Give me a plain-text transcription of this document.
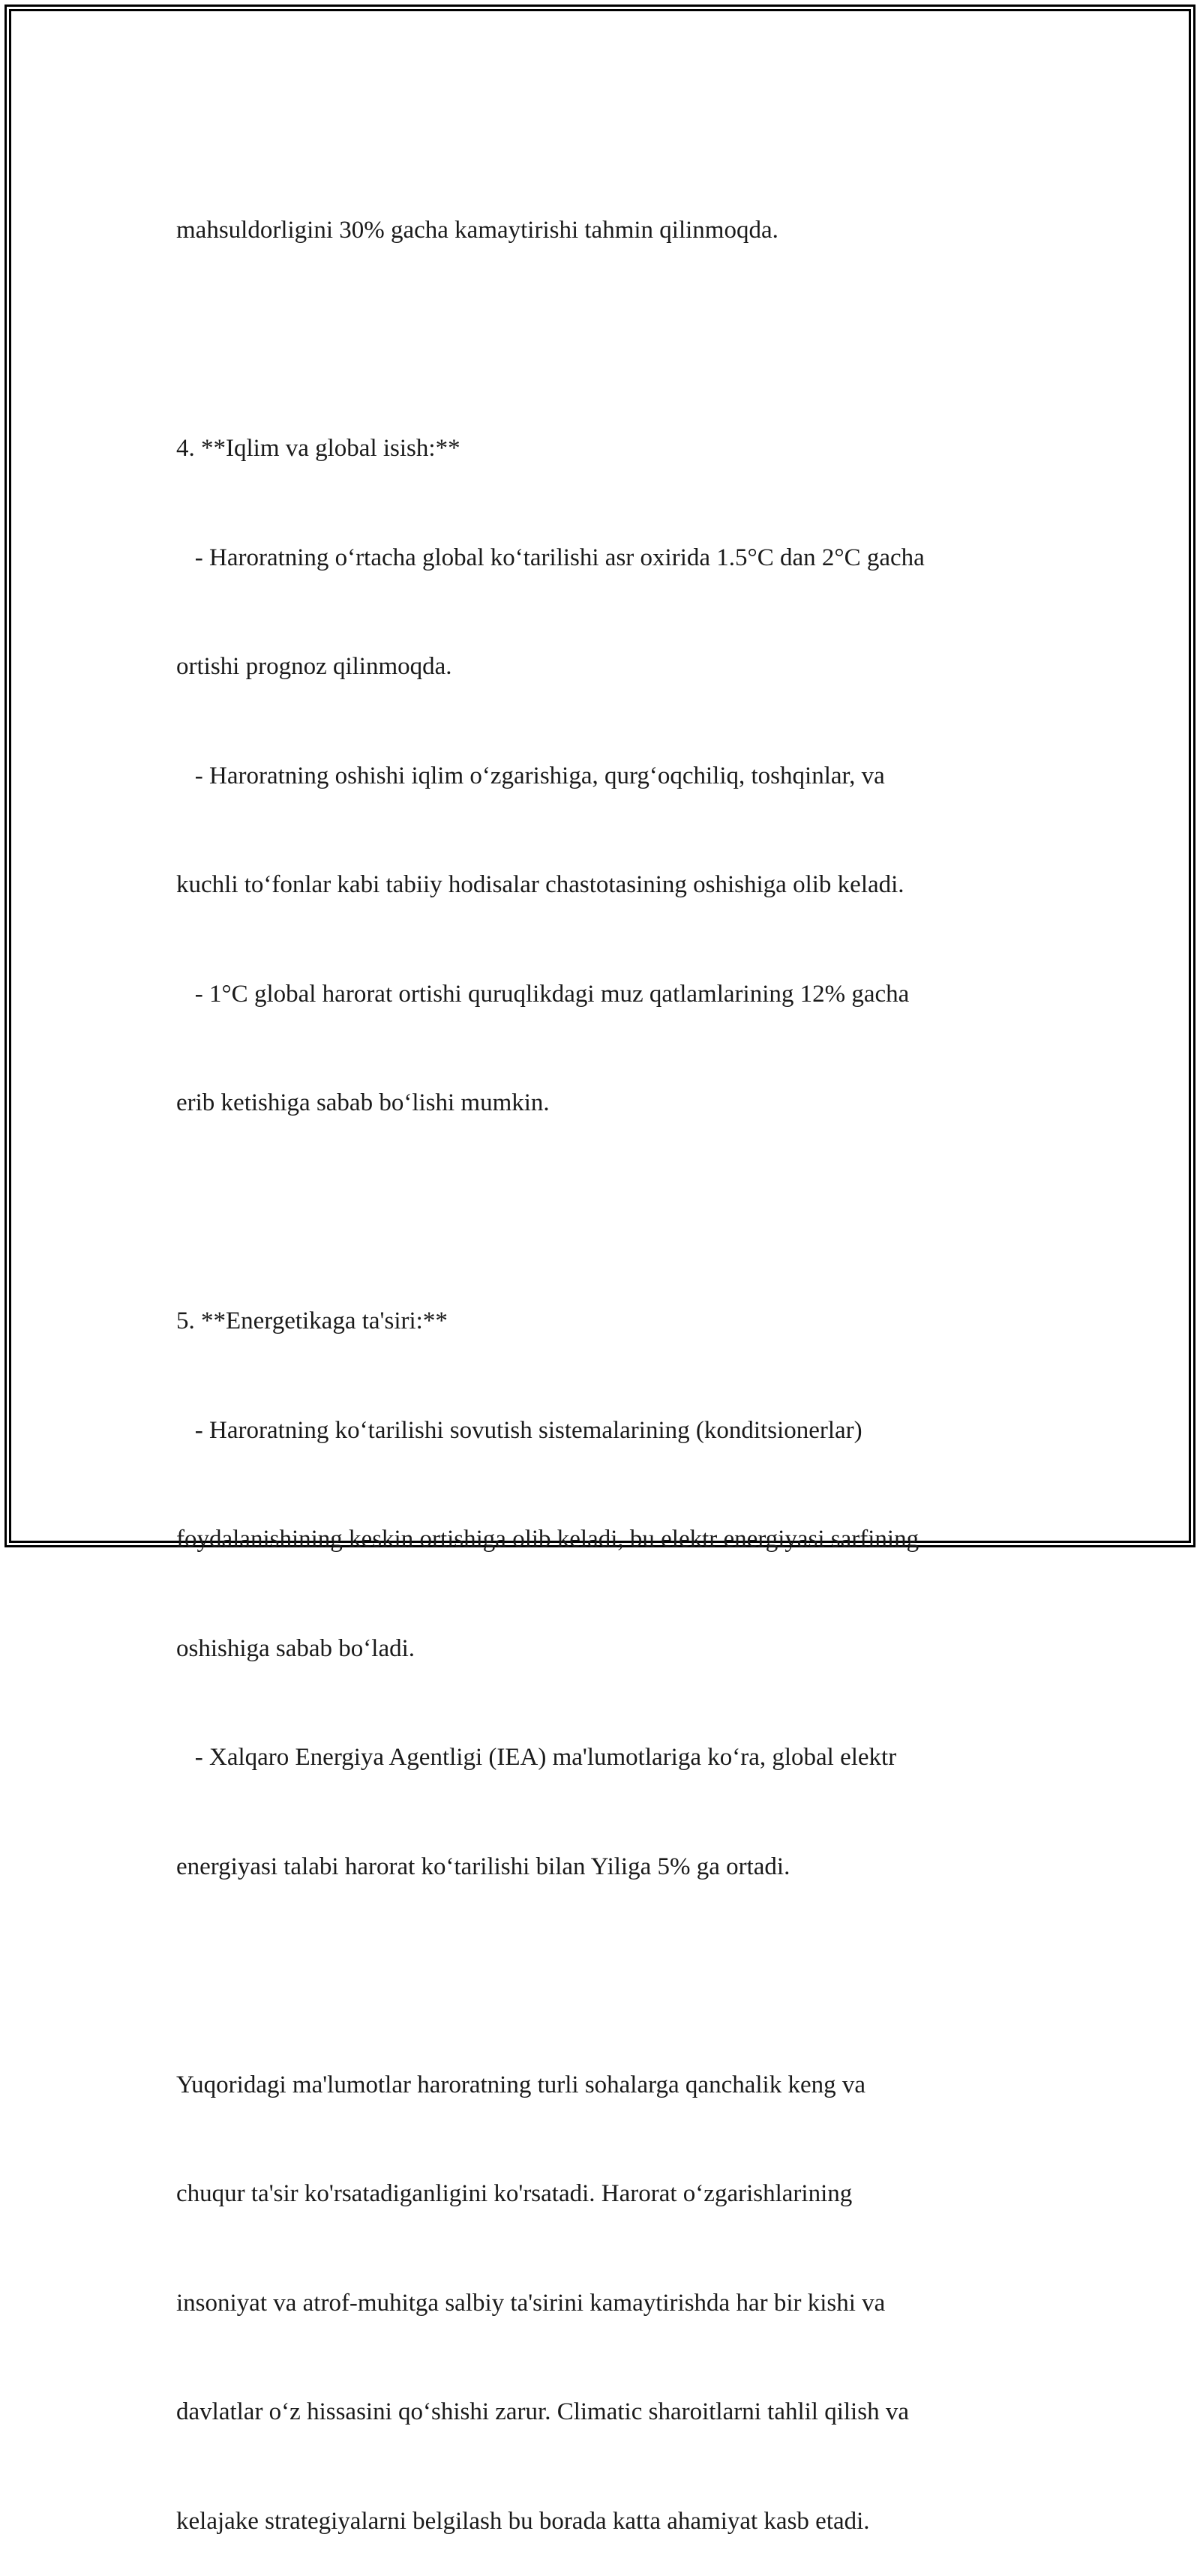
mahsuldorligini 30% gacha kamaytirishi tahmin qilinmoqda.

4. **Iqlim va global isish:**

- Haroratning o‘rtacha global ko‘tarilishi asr oxirida 1.5°C dan 2°C gacha

ortishi prognoz qilinmoqda.

- Haroratning oshishi iqlim o‘zgarishiga, qurg‘oqchiliq, toshqinlar, va

kuchli to‘fonlar kabi tabiiy hodisalar chastotasining oshishiga olib keladi.

- 1°C global harorat ortishi quruqlikdagi muz qatlamlarining 12% gacha

erib ketishiga sabab bo‘lishi mumkin.

5. **Energetikaga ta'siri:**

- Haroratning ko‘tarilishi sovutish sistemalarining (konditsionerlar)

foydalanishining keskin ortishiga olib keladi, bu elektr energiyasi sarfining

oshishiga sabab bo‘ladi.

- Xalqaro Energiya Agentligi (IEA) ma'lumotlariga ko‘ra, global elektr

energiyasi talabi harorat ko‘tarilishi bilan Yiliga 5% ga ortadi.

Yuqoridagi ma'lumotlar haroratning turli sohalarga qanchalik keng va

chuqur ta'sir ko'rsatadiganligini ko'rsatadi. Harorat o‘zgarishlarining

insoniyat va atrof-muhitga salbiy ta'sirini kamaytirishda har bir kishi va

davlatlar o‘z hissasini qo‘shishi zarur. Climatic sharoitlarni tahlil qilish va

kelajake strategiyalarni belgilash bu borada katta ahamiyat kasb etadi.
